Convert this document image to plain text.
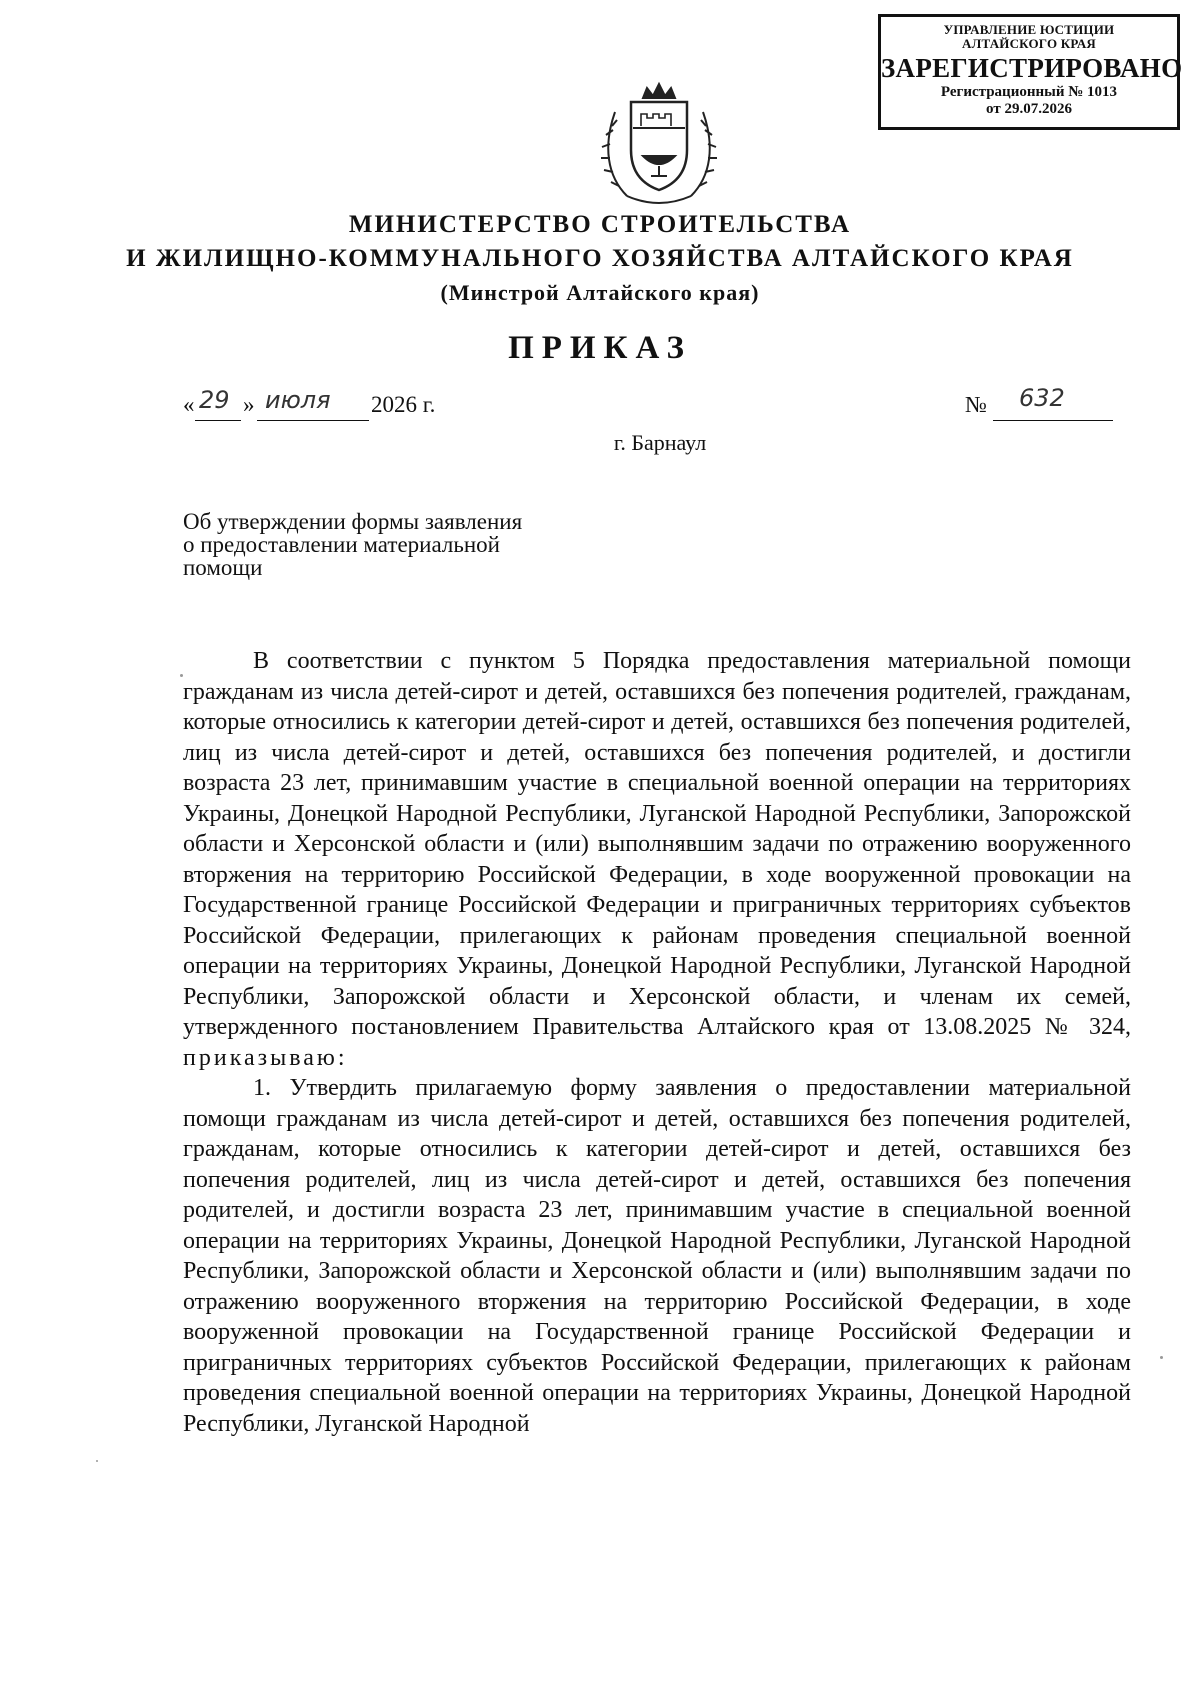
УПРАВЛЕНИЕ ЮСТИЦИИ
АЛТАЙСКОГО КРАЯ
ЗАРЕГИСТРИРОВАНО
Регистрационный № 1013
от 29.07.2026
МИНИСТЕРСТВО СТРОИТЕЛЬСТВА
И ЖИЛИЩНО-КОММУНАЛЬНОГО ХОЗЯЙСТВА АЛТАЙСКОГО КРАЯ
(Минстрой Алтайского края)
ПРИКАЗ
« 29 » июля 2026 г.	№ 632
г. Барнаул
Об утверждении формы заявления
о предоставлении материальной
помощи

В соответствии с пунктом 5 Порядка предоставления материальной помощи гражданам из числа детей-сирот и детей, оставшихся без попечения родителей, гражданам, которые относились к категории детей-сирот и детей, оставшихся без попечения родителей, лиц из числа детей-сирот и детей, оставшихся без попечения родителей, и достигли возраста 23 лет, принимавшим участие в специальной военной операции на территориях Украины, Донецкой Народной Республики, Луганской Народной Республики, Запорожской области и Херсонской области и (или) выполнявшим задачи по отражению вооруженного вторжения на территорию Российской Федерации, в ходе вооруженной провокации на Государственной границе Российской Федерации и приграничных территориях субъектов Российской Федерации, прилегающих к районам проведения специальной военной операции на территориях Украины, Донецкой Народной Республики, Луганской Народной Республики, Запорожской области и Херсонской области, и членам их семей, утвержденного постановлением Правительства Алтайского края от 13.08.2025 № 324, приказываю:

1. Утвердить прилагаемую форму заявления о предоставлении материальной помощи гражданам из числа детей-сирот и детей, оставшихся без попечения родителей, гражданам, которые относились к категории детей-сирот и детей, оставшихся без попечения родителей, лиц из числа детей-сирот и детей, оставшихся без попечения родителей, и достигли возраста 23 лет, принимавшим участие в специальной военной операции на территориях Украины, Донецкой Народной Республики, Луганской Народной Республики, Запорожской области и Херсонской области и (или) выполнявшим задачи по отражению вооруженного вторжения на территорию Российской Федерации, в ходе вооруженной провокации на Государственной границе Российской Федерации и приграничных территориях субъектов Российской Федерации, прилегающих к районам проведения специальной военной операции на территориях Украины, Донецкой Народной Республики, Луганской Народной
